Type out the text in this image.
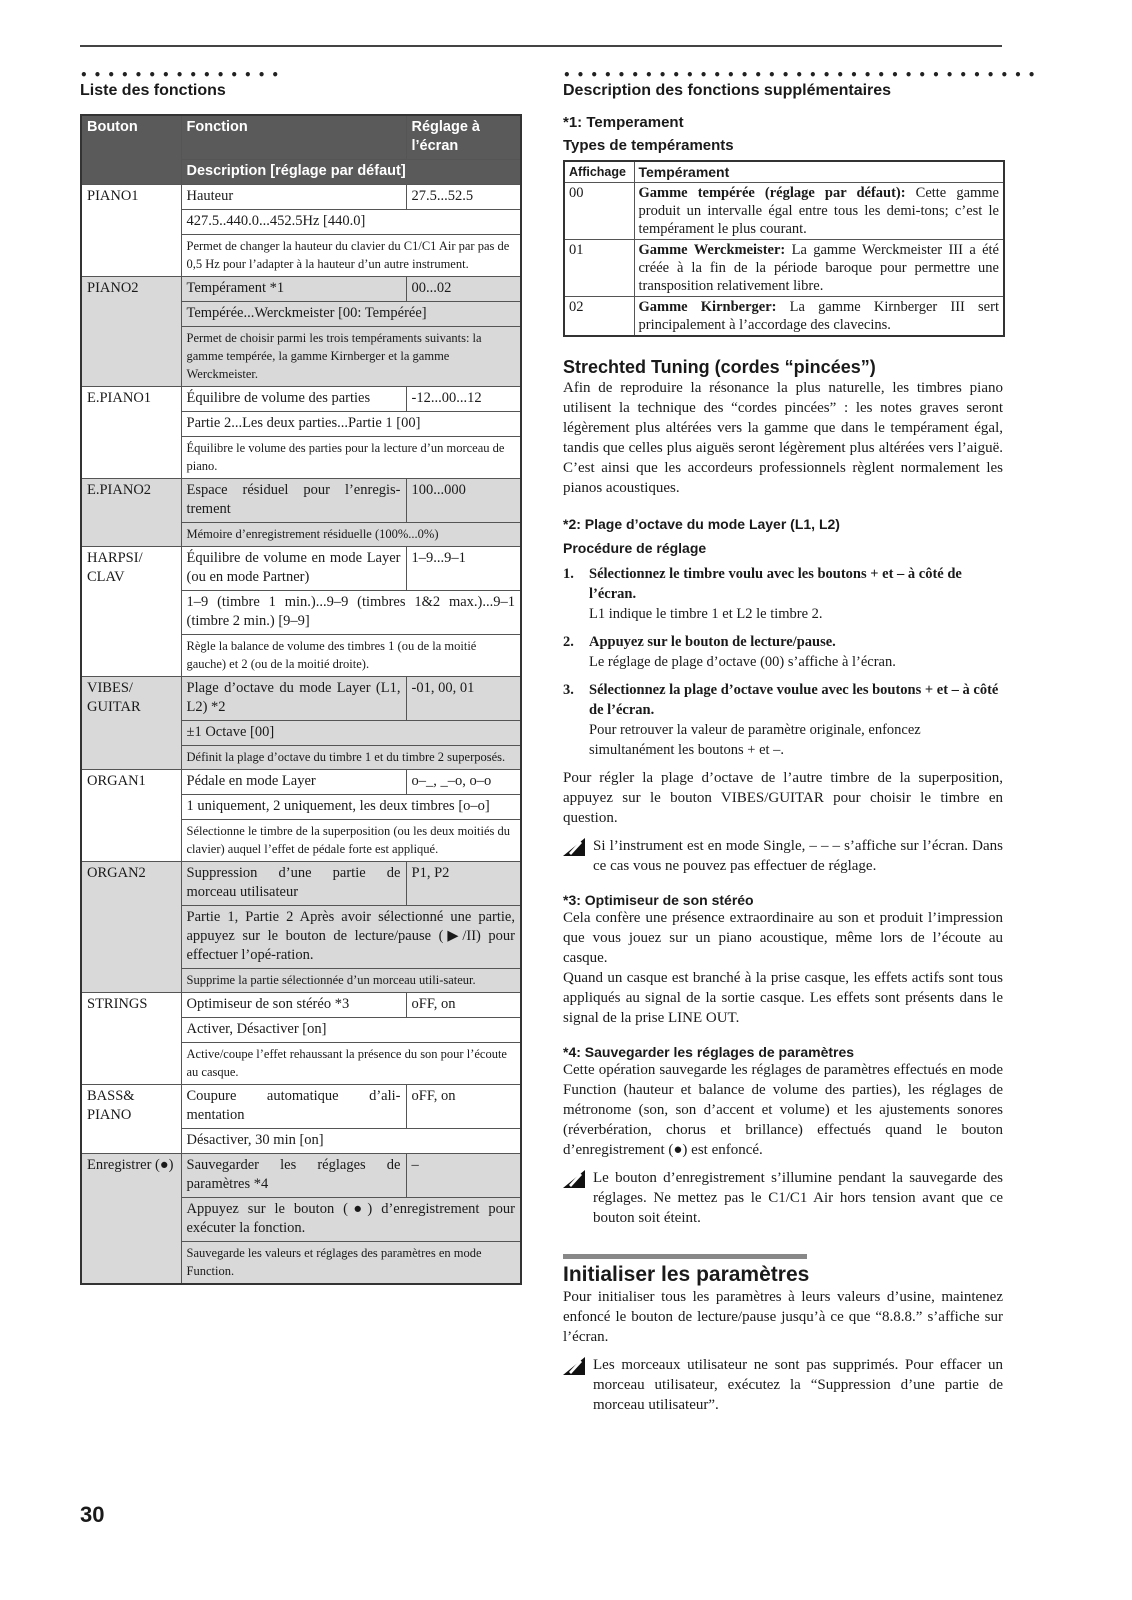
•••••••••••••••
Liste des fonctions
Bouton	Fonction	Réglage à l’écran
	Description [réglage par défaut]	
PIANO1	Hauteur	27.5...52.5
	427.5..440.0...452.5Hz [440.0]	
	Permet de changer la hauteur du clavier du C1/C1 Air par pas de 0,5 Hz pour l’adapter à la hauteur d’un autre instrument.	
PIANO2	Tempérament *1	00...02
	Tempérée...Werckmeister [00: Tempérée]	
	Permet de choisir parmi les trois tempéraments suivants: la gamme tempérée, la gamme Kirnberger et la gamme Werckmeister.	
E.PIANO1	Équilibre de volume des parties	-12...00...12
	Partie 2...Les deux parties...Partie 1 [00]	
	Équilibre le volume des parties pour la lecture d’un morceau de piano.	
E.PIANO2	Espace résiduel pour l’enregis-trement	100...000
	Mémoire d’enregistrement résiduelle (100%...0%)	
HARPSI/ CLAV	Équilibre de volume en mode Layer (ou en mode Partner)	1–9...9–1
	1–9 (timbre 1 min.)...9–9 (timbres 1&2 max.)...9–1 (timbre 2 min.) [9–9]	
	Règle la balance de volume des timbres 1 (ou de la moitié gauche) et 2 (ou de la moitié droite).	
VIBES/ GUITAR	Plage d’octave du mode Layer (L1, L2) *2	-01, 00, 01
	±1 Octave [00]	
	Définit la plage d’octave du timbre 1 et du timbre 2 superposés.	
ORGAN1	Pédale en mode Layer	o–_, _–o, o–o
	1 uniquement, 2 uniquement, les deux timbres [o–o]	
	Sélectionne le timbre de la superposition (ou les deux moitiés du clavier) auquel l’effet de pédale forte est appliqué.	
ORGAN2	Suppression d’une partie de morceau utilisateur	P1, P2
	Partie 1, Partie 2 Après avoir sélectionné une partie, appuyez sur le bouton de lecture/pause (▶/II) pour effectuer l’opé-ration.	
	Supprime la partie sélectionnée d’un morceau utili-sateur.	
STRINGS	Optimiseur de son stéréo *3	oFF, on
	Activer, Désactiver [on]	
	Active/coupe l’effet rehaussant la présence du son pour l’écoute au casque.	
BASS& PIANO	Coupure automatique d’ali-mentation	oFF, on
	Désactiver, 30 min [on]	
Enregistrer (●)	Sauvegarder les réglages de paramètres *4	–
	Appuyez sur le bouton (●) d’enregistrement pour exécuter la fonction.	
	Sauvegarde les valeurs et réglages des paramètres en mode Function.	
•••••••••••••••••••••••••••••••••••
Description des fonctions supplémentaires

*1: Temperament

Types de tempéraments

Affichage	Tempérament
00	Gamme tempérée (réglage par défaut): Cette gamme produit un intervalle égal entre tous les demi-tons; c’est le tempérament le plus courant.
01	Gamme Werckmeister: La gamme Werckmeister III a été créée à la fin de la période baroque pour permettre une transposition relativement libre.
02	Gamme Kirnberger: La gamme Kirnberger III sert principalement à l’accordage des clavecins.
Strechted Tuning (cordes “pincées”)

Afin de reproduire la résonance la plus naturelle, les timbres piano utilisent la technique des “cordes pincées” : les notes graves seront légèrement plus altérées vers la gamme que dans le tempérament égal, tandis que celles plus aiguës seront légèrement plus altérées vers l’aiguë. C’est ainsi que les accordeurs professionnels règlent normalement les pianos acoustiques.

*2: Plage d’octave du mode Layer (L1, L2)

Procédure de réglage

1. Sélectionnez le timbre voulu avec les boutons + et – à côté de l’écran.
L1 indique le timbre 1 et L2 le timbre 2.
2. Appuyez sur le bouton de lecture/pause.
Le réglage de plage d’octave (00) s’affiche à l’écran.
3. Sélectionnez la plage d’octave voulue avec les boutons + et – à côté de l’écran.
Pour retrouver la valeur de paramètre originale, enfoncez simultanément les boutons + et –.

Pour régler la plage d’octave de l’autre timbre de la superposition, appuyez sur le bouton VIBES/GUITAR pour choisir le timbre en question.

Si l’instrument est en mode Single, – – – s’affiche sur l’écran. Dans ce cas vous ne pouvez pas effectuer de réglage.

*3: Optimiseur de son stéréo

Cela confère une présence extraordinaire au son et produit l’impression que vous jouez sur un piano acoustique, même lors de l’écoute au casque.

Quand un casque est branché à la prise casque, les effets actifs sont tous appliqués au signal de la sortie casque. Les effets sont présents dans le signal de la prise LINE OUT.

*4: Sauvegarder les réglages de paramètres

Cette opération sauvegarde les réglages de paramètres effectués en mode Function (hauteur et balance de volume des parties), les réglages de métronome (son, son d’accent et volume) et les ajustements sonores (réverbération, chorus et brillance) effectués quand le bouton d’enregistrement (●) est enfoncé.

Le bouton d’enregistrement s’illumine pendant la sauvegarde des réglages. Ne mettez pas le C1/C1 Air hors tension avant que ce bouton soit éteint.
Initialiser les paramètres

Pour initialiser tous les paramètres à leurs valeurs d’usine, maintenez enfoncé le bouton de lecture/pause jusqu’à ce que “8.8.8.” s’affiche sur l’écran.

Les morceaux utilisateur ne sont pas supprimés. Pour effacer un morceau utilisateur, exécutez la “Suppression d’une partie de morceau utilisateur”.
30
